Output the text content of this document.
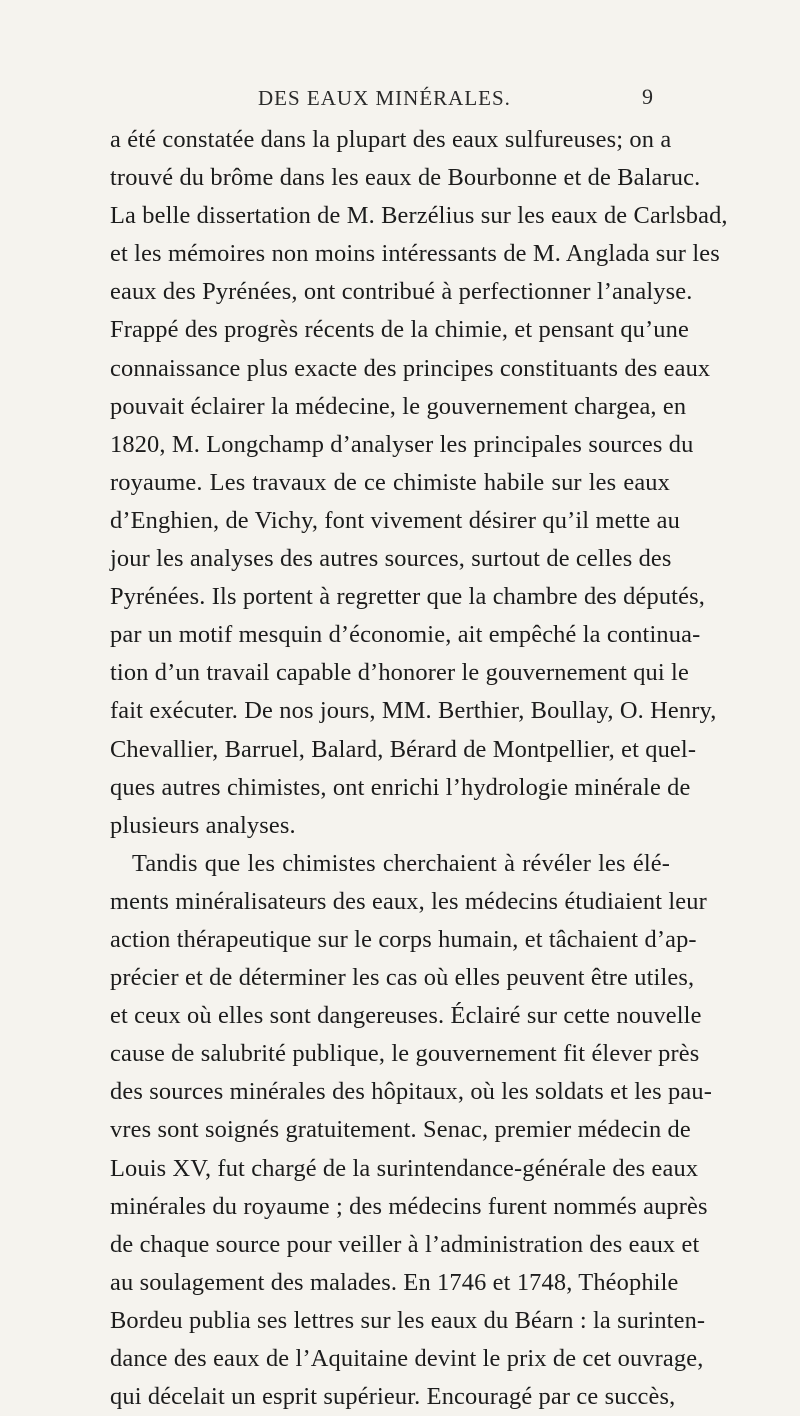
DES EAUX MINÉRALES.	9
a été constatée dans la plupart des eaux sulfureuses; on a
trouvé du brôme dans les eaux de Bourbonne et de Balaruc.
La belle dissertation de M. Berzélius sur les eaux de Carlsbad,
et les mémoires non moins intéressants de M. Anglada sur les
eaux des Pyrénées, ont contribué à perfectionner l’analyse.
Frappé des progrès récents de la chimie, et pensant qu’une
connaissance plus exacte des principes constituants des eaux
pouvait éclairer la médecine, le gouvernement chargea, en
1820, M. Longchamp d’analyser les principales sources du
royaume. Les travaux de ce chimiste habile sur les eaux
d’Enghien, de Vichy, font vivement désirer qu’il mette au
jour les analyses des autres sources, surtout de celles des
Pyrénées. Ils portent à regretter que la chambre des députés,
par un motif mesquin d’économie, ait empêché la continua-
tion d’un travail capable d’honorer le gouvernement qui le
fait exécuter. De nos jours, MM. Berthier, Boullay, O. Henry,
Chevallier, Barruel, Balard, Bérard de Montpellier, et quel-
ques autres chimistes, ont enrichi l’hydrologie minérale de
plusieurs analyses.
Tandis que les chimistes cherchaient à révéler les élé-
ments minéralisateurs des eaux, les médecins étudiaient leur
action thérapeutique sur le corps humain, et tâchaient d’ap-
précier et de déterminer les cas où elles peuvent être utiles,
et ceux où elles sont dangereuses. Éclairé sur cette nouvelle
cause de salubrité publique, le gouvernement fit élever près
des sources minérales des hôpitaux, où les soldats et les pau-
vres sont soignés gratuitement. Senac, premier médecin de
Louis XV, fut chargé de la surintendance-générale des eaux
minérales du royaume ; des médecins furent nommés auprès
de chaque source pour veiller à l’administration des eaux et
au soulagement des malades. En 1746 et 1748, Théophile
Bordeu publia ses lettres sur les eaux du Béarn : la surinten-
dance des eaux de l’Aquitaine devint le prix de cet ouvrage,
qui décelait un esprit supérieur. Encouragé par ce succès,
